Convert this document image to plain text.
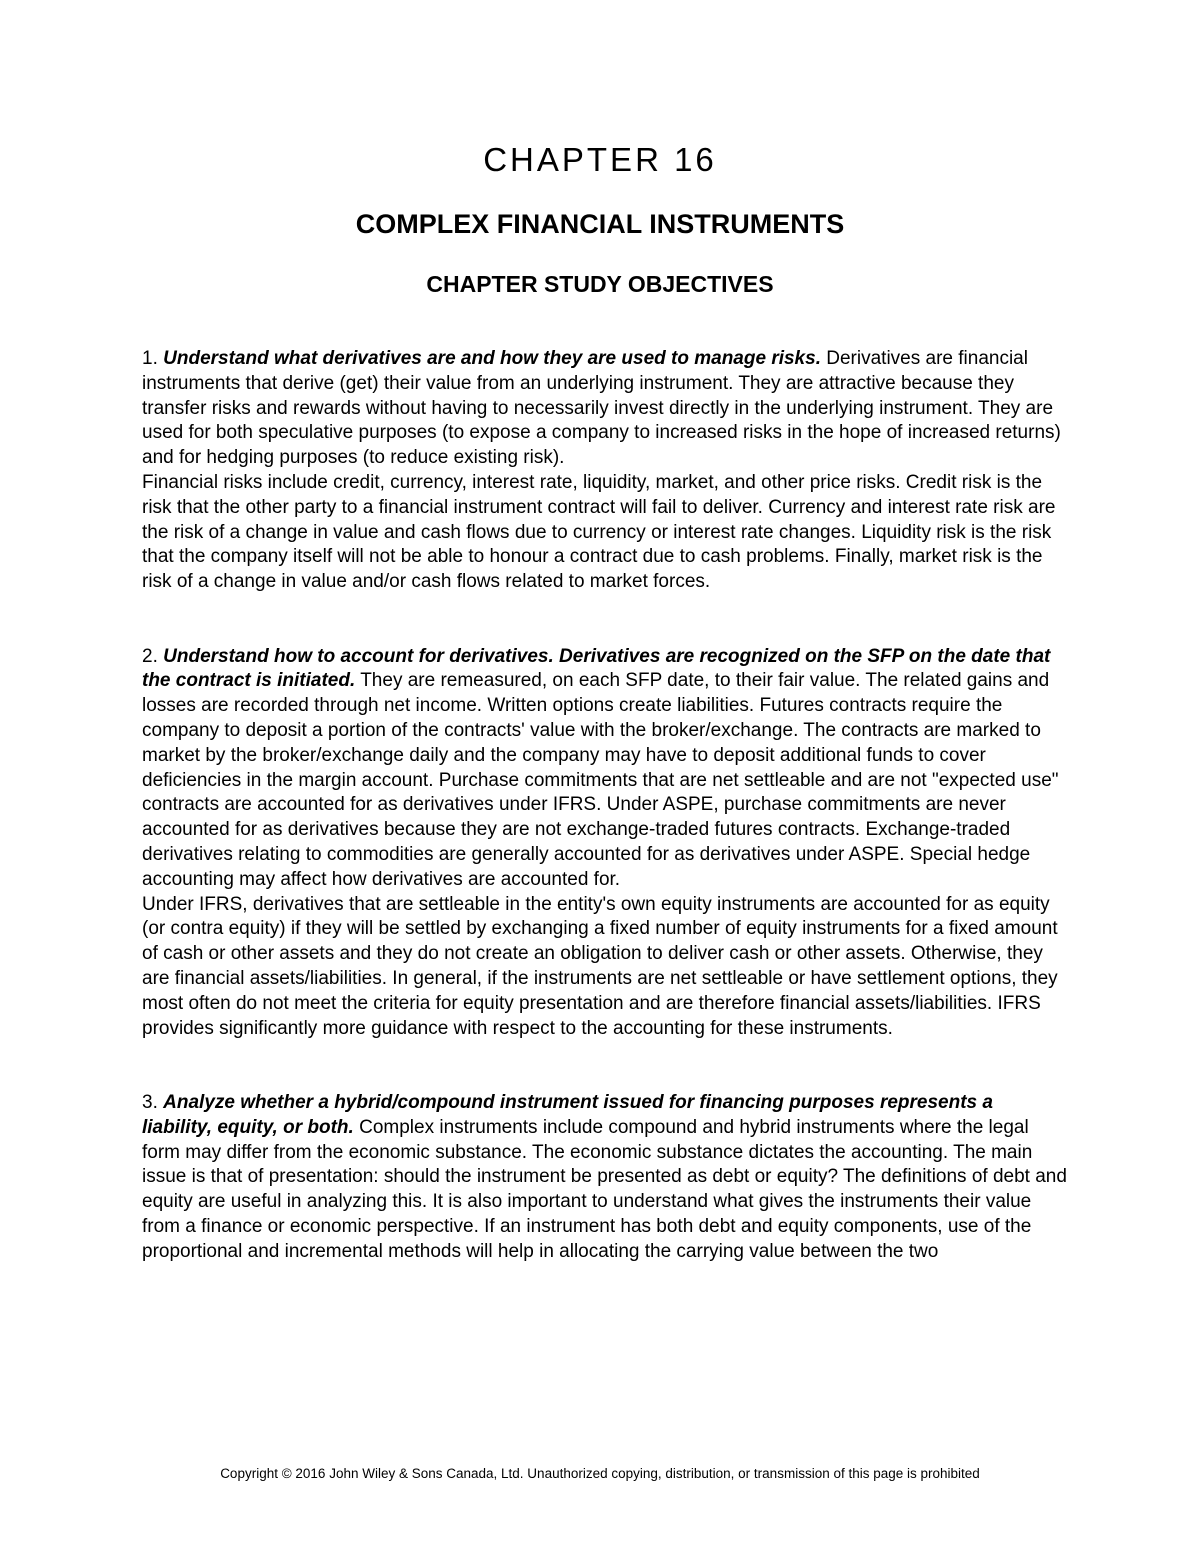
CHAPTER 16
COMPLEX FINANCIAL INSTRUMENTS
CHAPTER STUDY OBJECTIVES

1. Understand what derivatives are and how they are used to manage risks. Derivatives are financial instruments that derive (get) their value from an underlying instrument. They are attractive because they transfer risks and rewards without having to necessarily invest directly in the underlying instrument. They are used for both speculative purposes (to expose a company to increased risks in the hope of increased returns) and for hedging purposes (to reduce existing risk).

Financial risks include credit, currency, interest rate, liquidity, market, and other price risks. Credit risk is the risk that the other party to a financial instrument contract will fail to deliver. Currency and interest rate risk are the risk of a change in value and cash flows due to currency or interest rate changes. Liquidity risk is the risk that the company itself will not be able to honour a contract due to cash problems. Finally, market risk is the risk of a change in value and/or cash flows related to market forces.

2. Understand how to account for derivatives. Derivatives are recognized on the SFP on the date that the contract is initiated. They are remeasured, on each SFP date, to their fair value. The related gains and losses are recorded through net income. Written options create liabilities. Futures contracts require the company to deposit a portion of the contracts' value with the broker/exchange. The contracts are marked to market by the broker/exchange daily and the company may have to deposit additional funds to cover deficiencies in the margin account. Purchase commitments that are net settleable and are not "expected use" contracts are accounted for as derivatives under IFRS. Under ASPE, purchase commitments are never accounted for as derivatives because they are not exchange-traded futures contracts. Exchange-traded derivatives relating to commodities are generally accounted for as derivatives under ASPE. Special hedge accounting may affect how derivatives are accounted for.

Under IFRS, derivatives that are settleable in the entity's own equity instruments are accounted for as equity (or contra equity) if they will be settled by exchanging a fixed number of equity instruments for a fixed amount of cash or other assets and they do not create an obligation to deliver cash or other assets. Otherwise, they are financial assets/liabilities. In general, if the instruments are net settleable or have settlement options, they most often do not meet the criteria for equity presentation and are therefore financial assets/liabilities. IFRS provides significantly more guidance with respect to the accounting for these instruments.

3. Analyze whether a hybrid/compound instrument issued for financing purposes represents a liability, equity, or both. Complex instruments include compound and hybrid instruments where the legal form may differ from the economic substance. The economic substance dictates the accounting. The main issue is that of presentation: should the instrument be presented as debt or equity? The definitions of debt and equity are useful in analyzing this. It is also important to understand what gives the instruments their value from a finance or economic perspective. If an instrument has both debt and equity components, use of the proportional and incremental methods will help in allocating the carrying value between the two

Copyright © 2016 John Wiley & Sons Canada, Ltd. Unauthorized copying, distribution, or transmission of this page is prohibited
